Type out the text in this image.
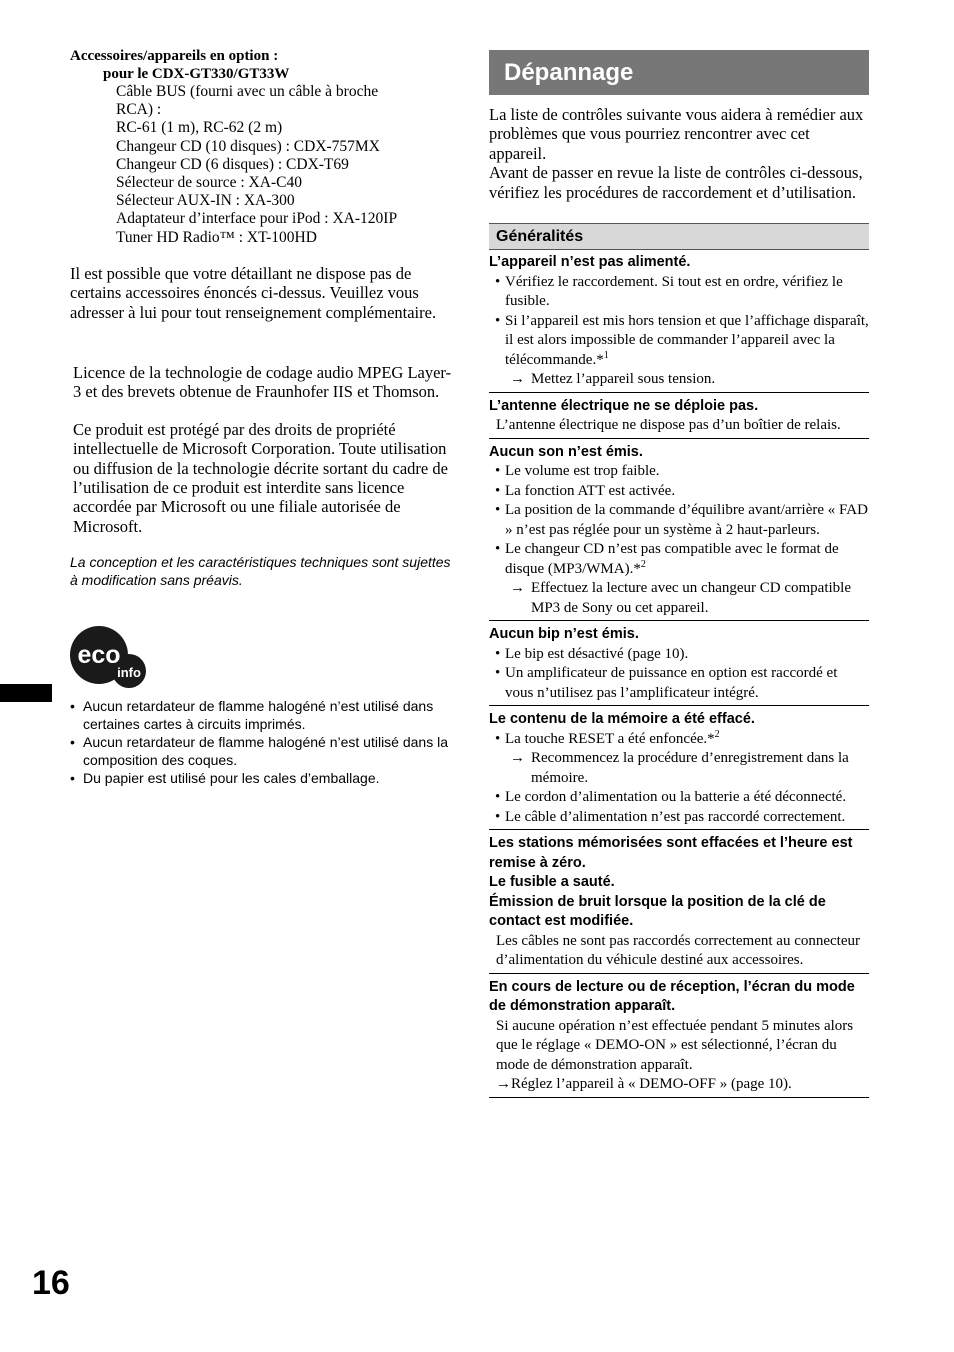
Accessoires/appareils en option :
pour le CDX-GT330/GT33W
Câble BUS (fourni avec un câble à broche
RCA) :
RC-61 (1 m), RC-62 (2 m)
Changeur CD (10 disques) : CDX-757MX
Changeur CD (6 disques) : CDX-T69
Sélecteur de source : XA-C40
Sélecteur AUX-IN : XA-300
Adaptateur d’interface pour iPod : XA-120IP
Tuner HD Radio™ : XT-100HD

Il est possible que votre détaillant ne dispose pas de certains accessoires énoncés ci-dessus. Veuillez vous adresser à lui pour tout renseignement complémentaire.

Licence de la technologie de codage audio MPEG Layer-3 et des brevets obtenue de Fraunhofer IIS et Thomson.

Ce produit est protégé par des droits de propriété intellectuelle de Microsoft Corporation. Toute utilisation ou diffusion de la technologie décrite sortant du cadre de l’utilisation de ce produit est interdite sans licence accordée par Microsoft ou une filiale autorisée de Microsoft.

La conception et les caractéristiques techniques sont sujettes à modification sans préavis.

eco
info
• Aucun retardateur de flamme halogéné n’est utilisé dans certaines cartes à circuits imprimés.
• Aucun retardateur de flamme halogéné n’est utilisé dans la composition des coques.
• Du papier est utilisé pour les cales d’emballage.
Dépannage

La liste de contrôles suivante vous aidera à remédier aux problèmes que vous pourriez rencontrer avec cet appareil.

Avant de passer en revue la liste de contrôles ci-dessous, vérifiez les procédures de raccordement et d’utilisation.

Généralités
L’appareil n’est pas alimenté.
• Vérifiez le raccordement. Si tout est en ordre, vérifiez le fusible.
• Si l’appareil est mis hors tension et que l’affichage disparaît, il est alors impossible de commander l’appareil avec la télécommande.*$^1$
→ Mettez l’appareil sous tension.
L’antenne électrique ne se déploie pas.
L’antenne électrique ne dispose pas d’un boîtier de relais.
Aucun son n’est émis.
• Le volume est trop faible.
• La fonction ATT est activée.
• La position de la commande d’équilibre avant/arrière « FAD » n’est pas réglée pour un système à 2 haut-parleurs.
• Le changeur CD n’est pas compatible avec le format de disque (MP3/WMA).*$^2$
→ Effectuez la lecture avec un changeur CD compatible MP3 de Sony ou cet appareil.
Aucun bip n’est émis.
• Le bip est désactivé (page 10).
• Un amplificateur de puissance en option est raccordé et vous n’utilisez pas l’amplificateur intégré.
Le contenu de la mémoire a été effacé.
• La touche RESET a été enfoncée.*$^2$
→ Recommencez la procédure d’enregistrement dans la mémoire.
• Le cordon d’alimentation ou la batterie a été déconnecté.
• Le câble d’alimentation n’est pas raccordé correctement.
Les stations mémorisées sont effacées et l’heure est remise à zéro.
Le fusible a sauté.
Émission de bruit lorsque la position de la clé de contact est modifiée.
Les câbles ne sont pas raccordés correctement au connecteur d’alimentation du véhicule destiné aux accessoires.
En cours de lecture ou de réception, l’écran du mode de démonstration apparaît.
Si aucune opération n’est effectuée pendant 5 minutes alors que le réglage « DEMO-ON » est sélectionné, l’écran du mode de démonstration apparaît.
→Réglez l’appareil à « DEMO-OFF » (page 10).
16
